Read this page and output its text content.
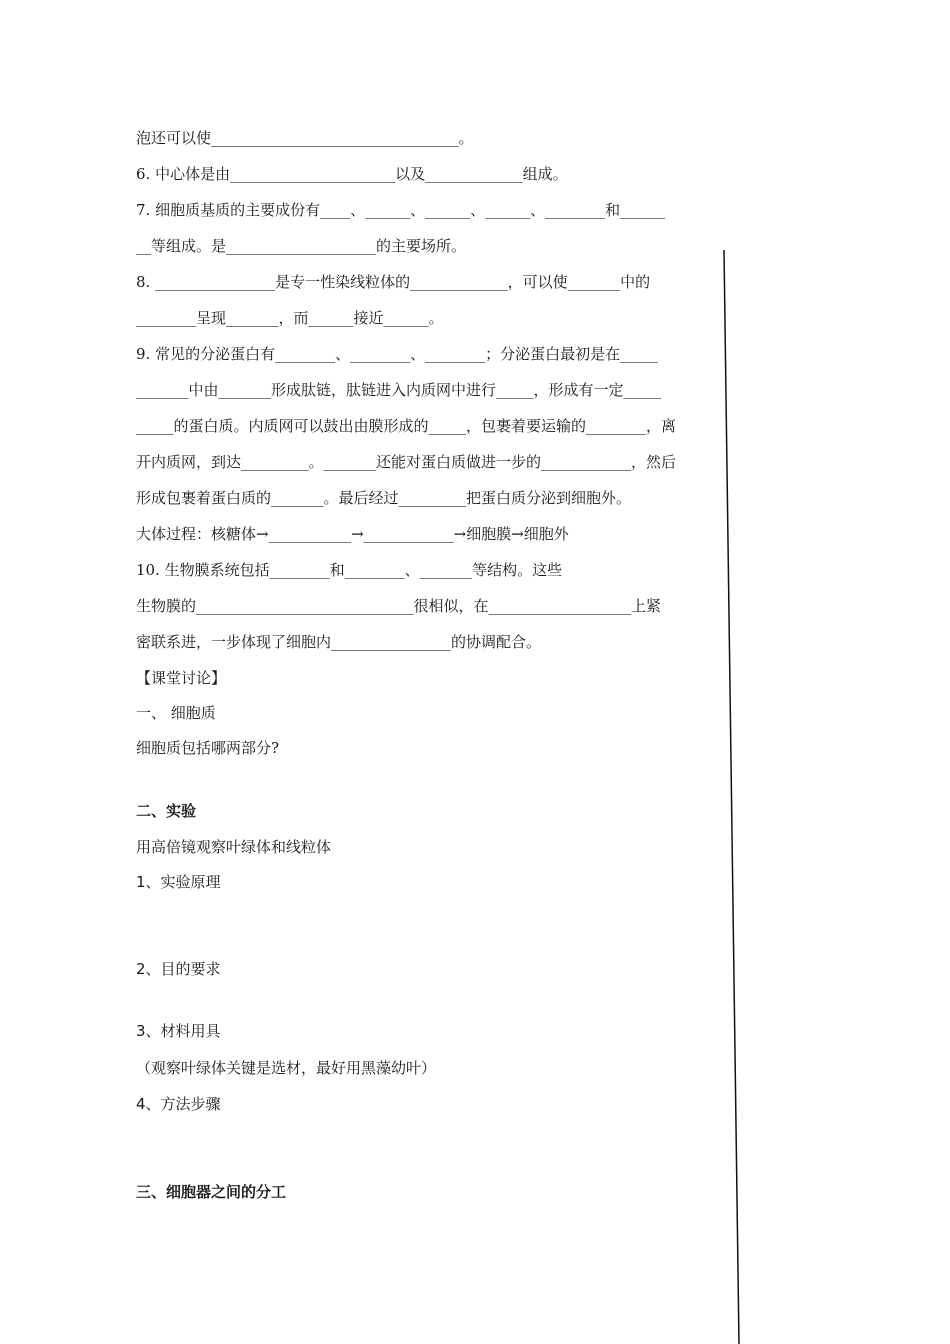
泡还可以使_________________________________。
6. 中心体是由______________________以及_____________组成。
7. 细胞质基质的主要成份有____、______、______、______、________和______
__等组成。是____________________的主要场所。
8. ________________是专一性染线粒体的_____________，可以使_______中的
________呈现_______，而______接近______。
9. 常见的分泌蛋白有________、________、________；分泌蛋白最初是在_____
_______中由_______形成肽链，肽链进入内质网中进行_____，形成有一定_____
_____的蛋白质。内质网可以鼓出由膜形成的_____，包裹着要运输的________，离
开内质网，到达_________。_______还能对蛋白质做进一步的____________，然后
形成包裹着蛋白质的_______。最后经过_________把蛋白质分泌到细胞外。
大体过程：核糖体→___________→____________→细胞膜→细胞外
10. 生物膜系统包括________和________、_______等结构。这些
生物膜的_____________________________很相似，在___________________上紧
密联系进，一步体现了细胞内________________的协调配合。
【课堂讨论】
一、 细胞质
细胞质包括哪两部分?
二、实验
用高倍镜观察叶绿体和线粒体
1、实验原理
2、目的要求
3、材料用具
（观察叶绿体关键是选材，最好用黑藻幼叶）
4、方法步骤
三、细胞器之间的分工
